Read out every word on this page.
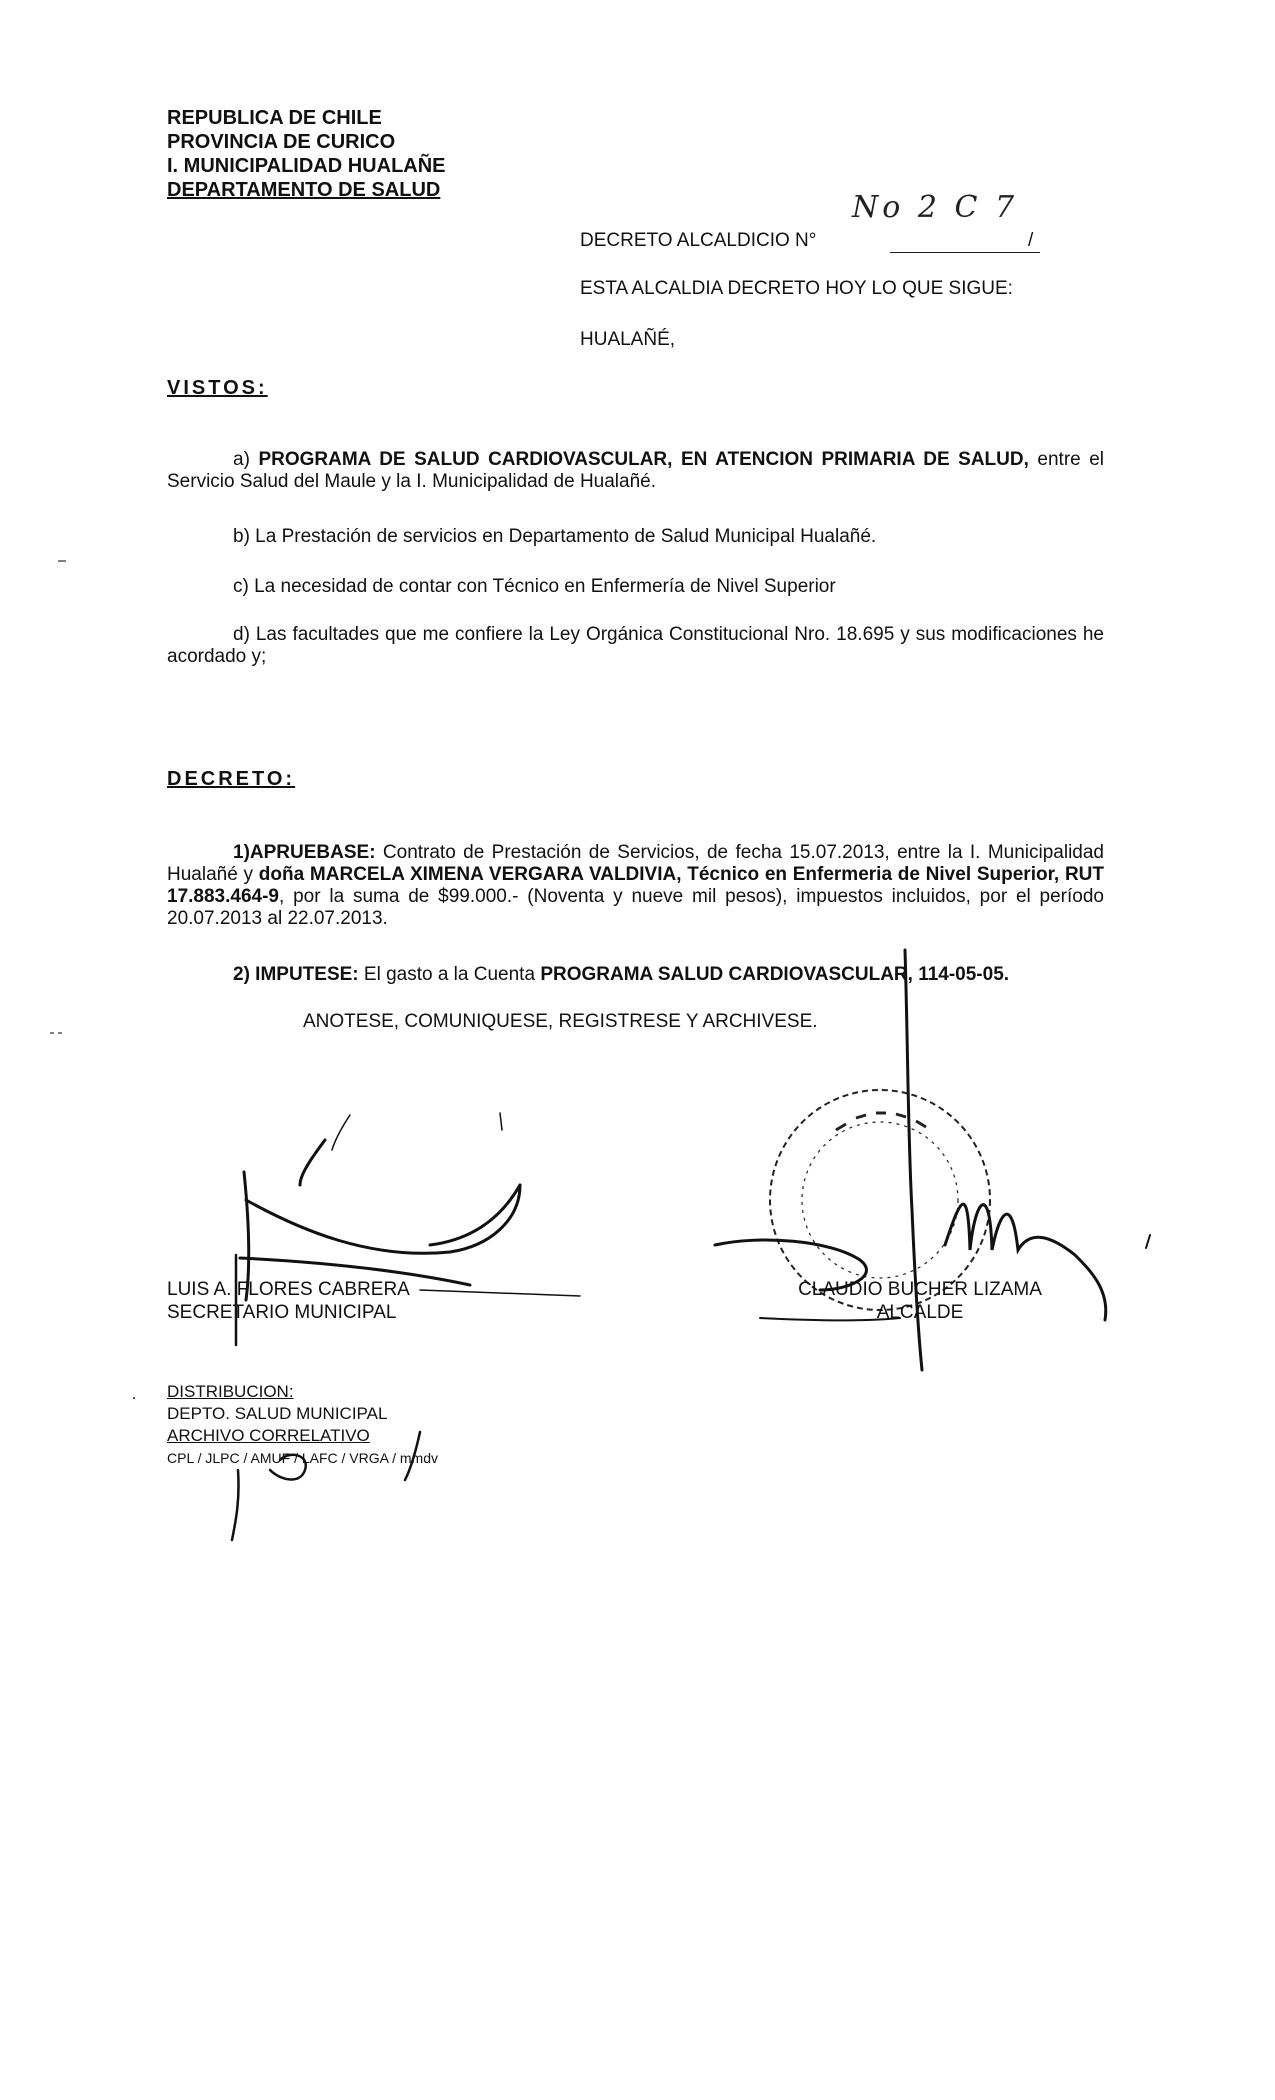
REPUBLICA DE CHILE
PROVINCIA DE CURICO
I. MUNICIPALIDAD HUALAÑE
DEPARTAMENTO DE SALUD	No 2 C 7
DECRETO ALCALDICIO N°	/
ESTA ALCALDIA DECRETO HOY LO QUE SIGUE:
HUALAÑÉ,
VISTOS:
a) PROGRAMA DE SALUD CARDIOVASCULAR, EN ATENCION PRIMARIA DE SALUD, entre el Servicio Salud del Maule y la I. Municipalidad de Hualañé.
b) La Prestación de servicios en Departamento de Salud Municipal Hualañé.
c) La necesidad de contar con Técnico en Enfermería de Nivel Superior
d) Las facultades que me confiere la Ley Orgánica Constitucional Nro. 18.695 y sus modificaciones he acordado y;
DECRETO:
1)APRUEBASE: Contrato de Prestación de Servicios, de fecha 15.07.2013, entre la I. Municipalidad Hualañé y doña MARCELA XIMENA VERGARA VALDIVIA, Técnico en Enfermeria de Nivel Superior, RUT 17.883.464-9, por la suma de $99.000.- (Noventa y nueve mil pesos), impuestos incluidos, por el período 20.07.2013 al 22.07.2013.
2) IMPUTESE: El gasto a la Cuenta PROGRAMA SALUD CARDIOVASCULAR, 114-05-05.
ANOTESE, COMUNIQUESE, REGISTRESE Y ARCHIVESE.
LUIS A. FLORES CABRERA
SECRETARIO MUNICIPAL
CLAUDIO BUCHER LIZAMA
ALCALDE
DISTRIBUCION:
DEPTO. SALUD MUNICIPAL
ARCHIVO CORRELATIVO
CPL / JLPC / AMUF / LAFC / VRGA / mmdv
